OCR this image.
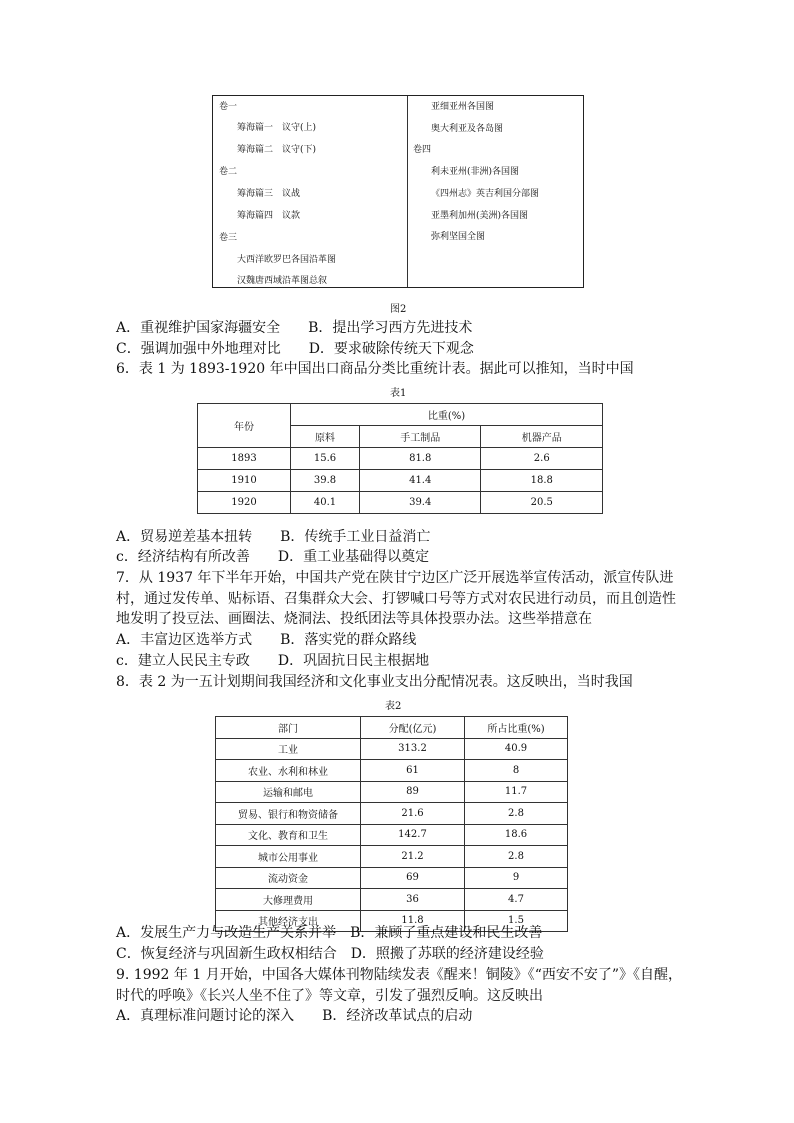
卷一
筹海篇一　议守(上)
筹海篇二　议守(下)
卷二
筹海篇三　议战
筹海篇四　议款
卷三
大西洋欧罗巴各国沿革图
汉魏唐西域沿革图总叙
亚细亚州各国图
奥大利亚及各岛图
卷四
利未亚州(非洲)各国图
《四州志》英吉利国分部图
亚墨利加州(美洲)各国图
弥利坚国全图
图2
A．重视维护国家海疆安全　　B．提出学习西方先进技术
C．强调加强中外地理对比　　D．要求破除传统天下观念
6．表 1 为 1893-1920 年中国出口商品分类比重统计表。据此可以推知，当时中国
表1
年份	比重(%)		
	原料	手工制品	机器产品
1893	15.6	81.8	2.6
1910	39.8	41.4	18.8
1920	40.1	39.4	20.5
A．贸易逆差基本扭转　　B．传统手工业日益消亡
c．经济结构有所改善　　D．重工业基础得以奠定
7．从 1937 年下半年开始，中国共产党在陕甘宁边区广泛开展选举宣传活动，派宣传队进
村，通过发传单、贴标语、召集群众大会、打锣喊口号等方式对农民进行动员，而且创造性
地发明了投豆法、画圈法、烧洞法、投纸团法等具体投票办法。这些举措意在
A．丰富边区选举方式　　B．落实党的群众路线
c．建立人民民主专政　　D．巩固抗日民主根据地
8．表 2 为一五计划期间我国经济和文化事业支出分配情况表。这反映出，当时我国
表2
部门	分配(亿元)	所占比重(%)
工业	313.2	40.9
农业、水利和林业	61	8
运输和邮电	89	11.7
贸易、银行和物资储备	21.6	2.8
文化、教育和卫生	142.7	18.6
城市公用事业	21.2	2.8
流动资金	69	9
大修理费用	36	4.7
其他经济支出	11.8	1.5
A．发展生产力与改造生产关系并举　B．兼顾了重点建设和民生改善
C．恢复经济与巩固新生政权相结合　D．照搬了苏联的经济建设经验
9. 1992 年 1 月开始，中国各大媒体刊物陆续发表《醒来！铜陵》《“西安不安了”》《自醒，
时代的呼唤》《长兴人坐不住了》等文章，引发了强烈反响。这反映出
A．真理标准问题讨论的深入　　B．经济改革试点的启动
